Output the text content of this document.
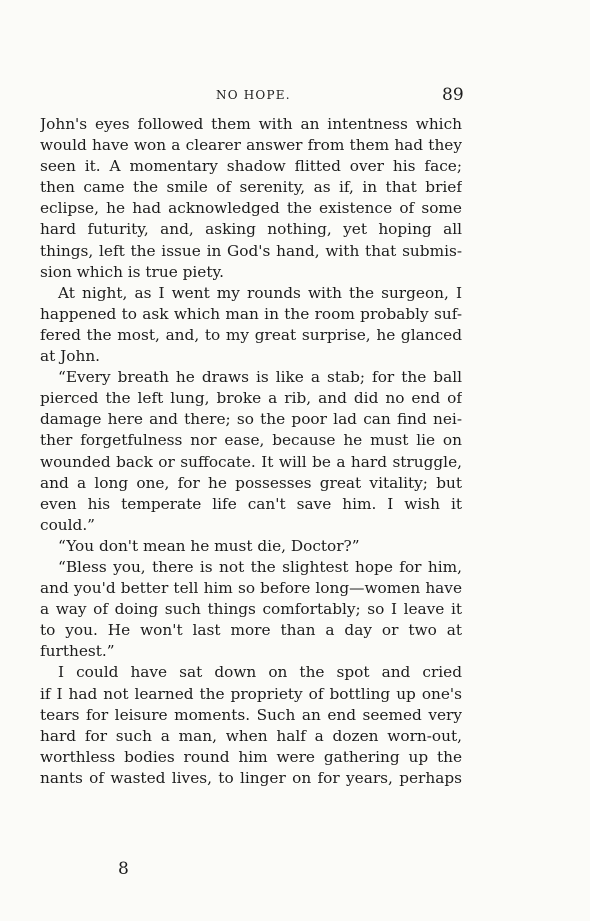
NO HOPE.	89
John's eyes followed them with an intentness which
would have won a clearer answer from them had they
seen it. A momentary shadow flitted over his face;
then came the smile of serenity, as if, in that brief
eclipse, he had acknowledged the existence of some
hard futurity, and, asking nothing, yet hoping all
things, left the issue in God's hand, with that submis-
sion which is true piety.
At night, as I went my rounds with the surgeon, I
happened to ask which man in the room probably suf-
fered the most, and, to my great surprise, he glanced
at John.
“Every breath he draws is like a stab; for the ball
pierced the left lung, broke a rib, and did no end of
damage here and there; so the poor lad can find nei-
ther forgetfulness nor ease, because he must lie on
wounded back or suffocate. It will be a hard struggle,
and a long one, for he possesses great vitality; but
even his temperate life can't save him. I wish it
could.”
“You don't mean he must die, Doctor?”
“Bless you, there is not the slightest hope for him,
and you'd better tell him so before long—women have
a way of doing such things comfortably; so I leave it
to you. He won't last more than a day or two at
furthest.”
I could have sat down on the spot and cried
if I had not learned the propriety of bottling up one's
tears for leisure moments. Such an end seemed very
hard for such a man, when half a dozen worn-out,
worthless bodies round him were gathering up the
nants of wasted lives, to linger on for years, perhaps
8
